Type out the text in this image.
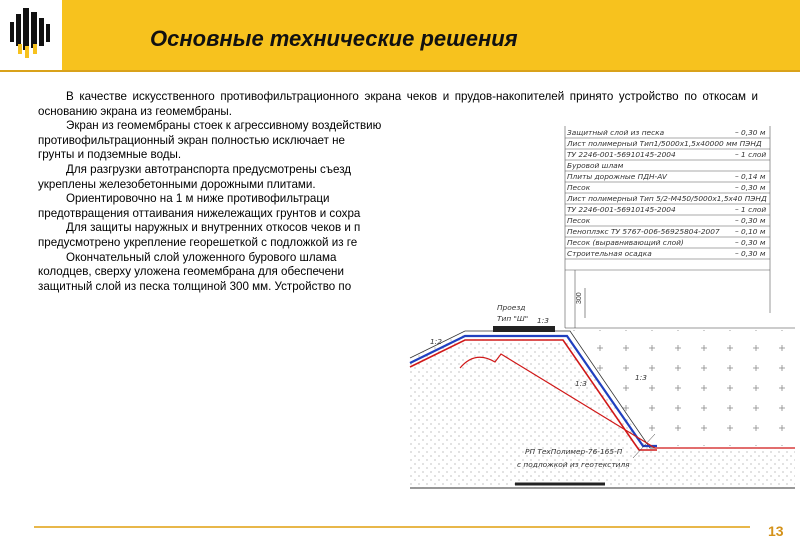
Основные технические решения

В качестве искусственного противофильтрационного экрана чеков и прудов-накопителей принято устройство по откосам и основанию экрана из геомембраны.

Экран из геомембраны стоек к агрессивному воздействию

противофильтрационный экран полностью исключает не

грунты и подземные воды.

Для разгрузки автотранспорта предусмотрены съезд

укреплены железобетонными дорожными плитами.

Ориентировочно на 1 м ниже противофильтраци

предотвращения оттаивания нижележащих грунтов и сохра

Для защиты наружных и внутренних откосов чеков и п

предусмотрено укрепление георешеткой с подложкой из ге

Окончательный слой уложенного бурового шлама

колодцев, сверху уложена геомембрана для обеспечени

защитный слой из песка толщиной 300 мм. Устройство по

Защитный слой из песка	– 0,30 м
Лист полимерный Тип1/5000х1,5х40000 мм ПЭНД
ТУ 2246-001-56910145-2004	– 1 слой
Буровой шлам
Плиты дорожные ПДН-AV	– 0,14 м
Песок	– 0,30 м
Лист полимерный Тип 5/2-М450/5000х1,5х40 ПЭНД
ТУ 2246-001-56910145-2004	– 1 слой
Песок	– 0,30 м
Пеноплэкс ТУ 5767-006-56925804-2007 – 0,10 м
Песок (выравнивающий слой)	– 0,30 м
Строительная осадка	– 0,30 м
300
Проезд
Тип "Ш"
1:2
1:3
1:3
1:3
РП ТехПолимер-76-165-П
с подложкой из геотекстиля
13
